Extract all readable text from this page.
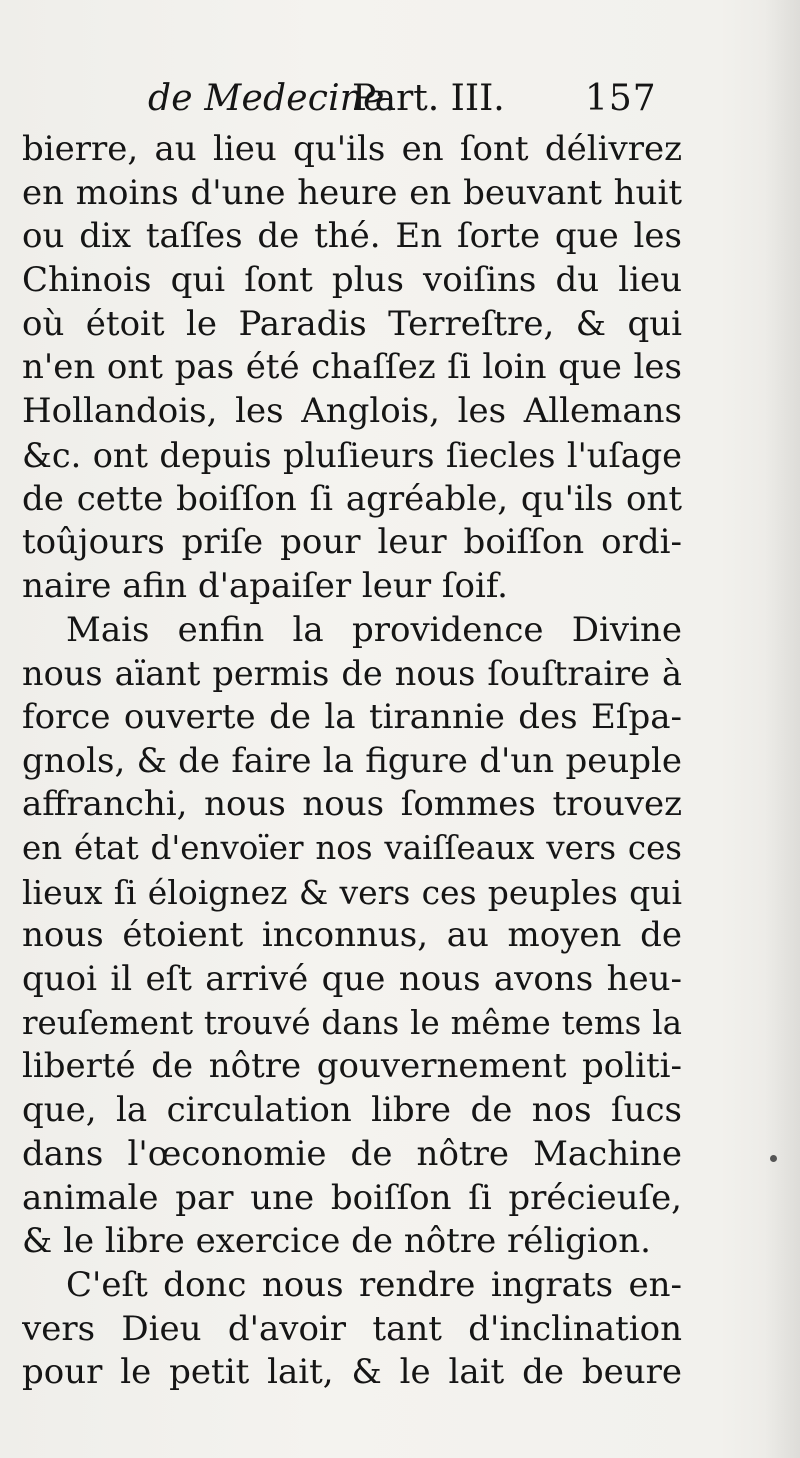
de Medecine.
Part. III. 157
bierre, au lieu qu'ils en ſont délivrez
en moins d'une heure en beuvant huit
ou dix taſſes de thé. En ſorte que les
Chinois qui ſont plus voiſins du lieu
où étoit le Paradis Terreſtre, & qui
n'en ont pas été chaſſez ſi loin que les
Hollandois, les Anglois, les Allemans
&c. ont depuis pluſieurs ſiecles l'uſage
de cette boiſſon ſi agréable, qu'ils ont
toûjours priſe pour leur boiſſon ordi-
naire afin d'apaiſer leur ſoif.
Mais enfin la providence Divine
nous aïant permis de nous ſouſtraire à
force ouverte de la tirannie des Eſpa-
gnols, & de faire la figure d'un peuple
affranchi, nous nous ſommes trouvez
en état d'envoïer nos vaiſſeaux vers ces
lieux ſi éloignez & vers ces peuples qui
nous étoient inconnus, au moyen de
quoi il eſt arrivé que nous avons heu-
reuſement trouvé dans le même tems la
liberté de nôtre gouvernement politi-
que, la circulation libre de nos ſucs
dans l'œconomie de nôtre Machine
animale par une boiſſon ſi précieuſe,
& le libre exercice de nôtre réligion.
C'eſt donc nous rendre ingrats en-
vers Dieu d'avoir tant d'inclination
pour le petit lait, & le lait de beure
